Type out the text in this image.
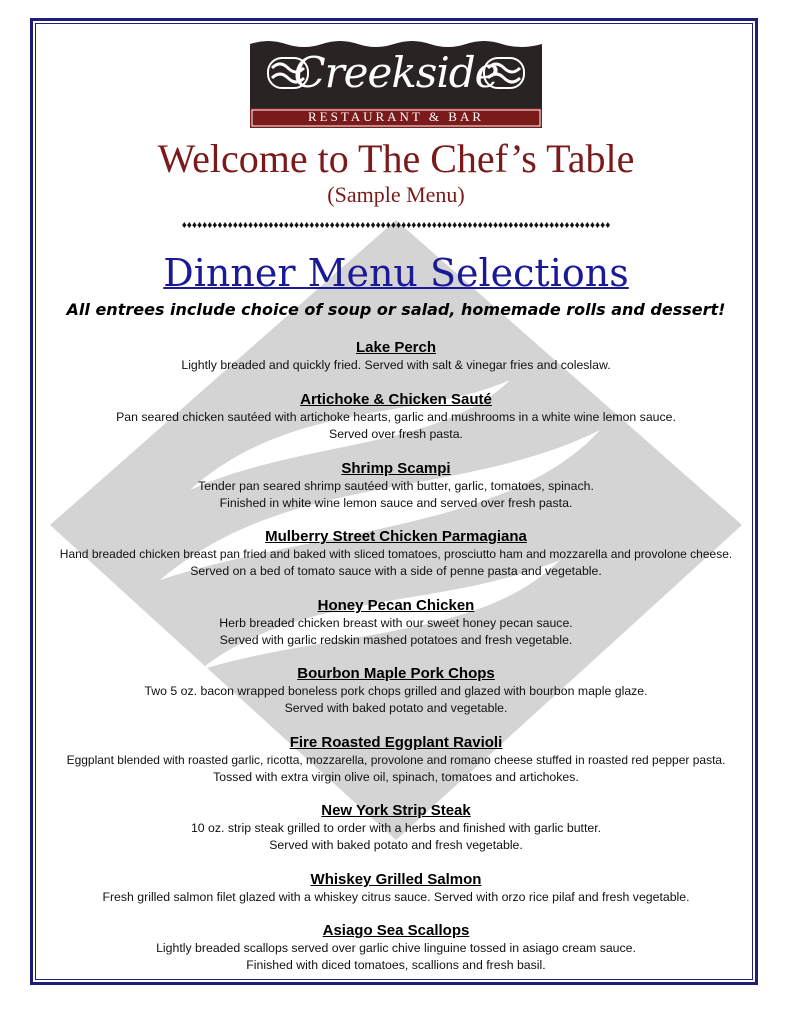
Creekside
RESTAURANT & BAR
Welcome to The Chef’s Table
(Sample Menu)
♦♦♦♦♦♦♦♦♦♦♦♦♦♦♦♦♦♦♦♦♦♦♦♦♦♦♦♦♦♦♦♦♦♦♦♦♦♦♦♦♦♦♦♦♦♦♦♦♦♦♦♦♦♦♦♦♦♦♦♦♦♦♦♦♦♦♦♦♦♦♦♦♦♦♦♦♦♦♦♦♦♦♦♦
Dinner Menu Selections
All entrees include choice of soup or salad, homemade rolls and dessert!
Lake Perch
Lightly breaded and quickly fried. Served with salt & vinegar fries and coleslaw.
Artichoke & Chicken Sauté
Pan seared chicken sautéed with artichoke hearts, garlic and mushrooms in a white wine lemon sauce.
Served over fresh pasta.
Shrimp Scampi
Tender pan seared shrimp sautéed with butter, garlic, tomatoes, spinach.
Finished in white wine lemon sauce and served over fresh pasta.
Mulberry Street Chicken Parmagiana
Hand breaded chicken breast pan fried and baked with sliced tomatoes, prosciutto ham and mozzarella and provolone cheese.
Served on a bed of tomato sauce with a side of penne pasta and vegetable.
Honey Pecan Chicken
Herb breaded chicken breast with our sweet honey pecan sauce.
Served with garlic redskin mashed potatoes and fresh vegetable.
Bourbon Maple Pork Chops
Two 5 oz. bacon wrapped boneless pork chops grilled and glazed with bourbon maple glaze.
Served with baked potato and vegetable.
Fire Roasted Eggplant Ravioli
Eggplant blended with roasted garlic, ricotta, mozzarella, provolone and romano cheese stuffed in roasted red pepper pasta.
Tossed with extra virgin olive oil, spinach, tomatoes and artichokes.
New York Strip Steak
10 oz. strip steak grilled to order with a herbs and finished with garlic butter.
Served with baked potato and fresh vegetable.
Whiskey Grilled Salmon
Fresh grilled salmon filet glazed with a whiskey citrus sauce. Served with orzo rice pilaf and fresh vegetable.
Asiago Sea Scallops
Lightly breaded scallops served over garlic chive linguine tossed in asiago cream sauce.
Finished with diced tomatoes, scallions and fresh basil.
